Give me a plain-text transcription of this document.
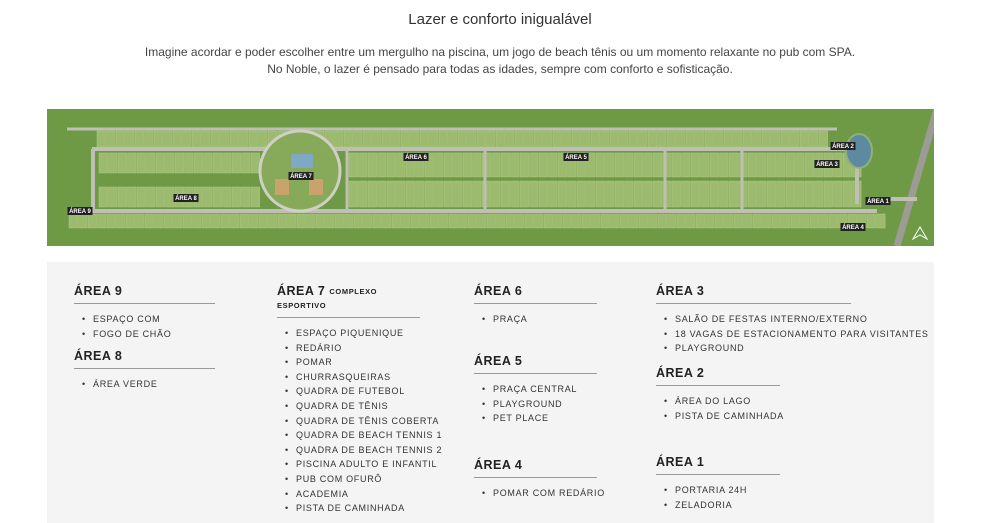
Lazer e conforto inigualável
Imagine acordar e poder escolher entre um mergulho na piscina, um jogo de beach tênis ou um momento relaxante no pub com SPA.
No Noble, o lazer é pensado para todas as idades, sempre com conforto e sofisticação.
ÁREA 9
ÁREA 8
ÁREA 7
ÁREA 6	ÁREA 5
ÁREA 3
ÁREA 2
ÁREA 1
ÁREA 4
ÁREA 9
• ESPAÇO COM
• FOGO DE CHÃO
ÁREA 8
• ÁREA VERDE
ÁREA 7 COMPLEXO ESPORTIVO
• ESPAÇO PIQUENIQUE
• REDÁRIO
• POMAR
• CHURRASQUEIRAS
• QUADRA DE FUTEBOL
• QUADRA DE TÊNIS
• QUADRA DE TÊNIS COBERTA
• QUADRA DE BEACH TENNIS 1
• QUADRA DE BEACH TENNIS 2
• PISCINA ADULTO E INFANTIL
• PUB COM OFURÔ
• ACADEMIA
• PISTA DE CAMINHADA
ÁREA 6
• PRAÇA
ÁREA 5
• PRAÇA CENTRAL
• PLAYGROUND
• PET PLACE
ÁREA 4
• POMAR COM REDÁRIO
ÁREA 3
• SALÃO DE FESTAS INTERNO/EXTERNO
• 18 VAGAS DE ESTACIONAMENTO PARA VISITANTES
• PLAYGROUND
ÁREA 2
• ÁREA DO LAGO
• PISTA DE CAMINHADA
ÁREA 1
• PORTARIA 24H
• ZELADORIA
